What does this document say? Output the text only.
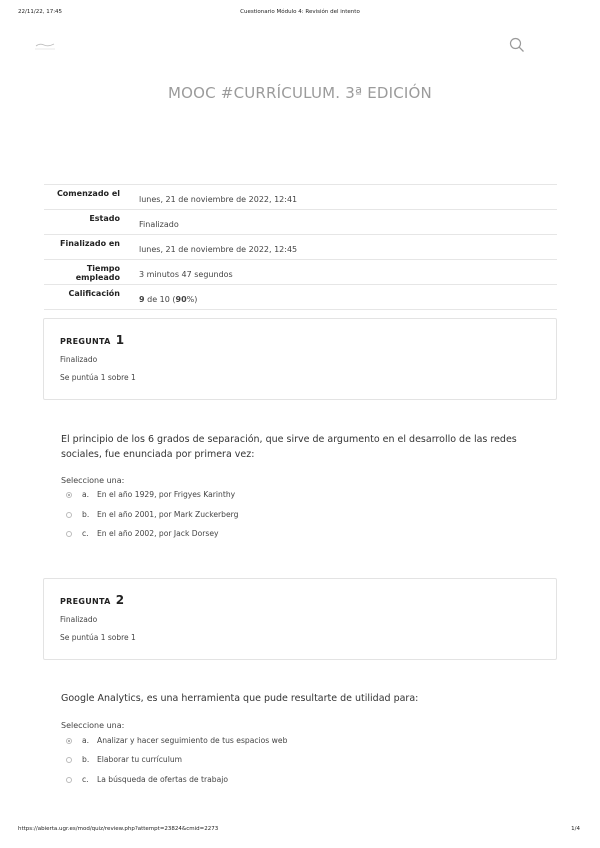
22/11/22, 17:45	Cuestionario Módulo 4: Revisión del intento
MOOC #CURRÍCULUM. 3ª EDICIÓN
Comenzado el
lunes, 21 de noviembre de 2022, 12:41
Estado
Finalizado
Finalizado en
lunes, 21 de noviembre de 2022, 12:45
Tiempo empleado 3 minutos 47 segundos
Calificación
9 de 10 (90%)
PREGUNTA 1
Finalizado
Se puntúa 1 sobre 1
El principio de los 6 grados de separación, que sirve de argumento en el desarrollo de las redes sociales, fue enunciada por primera vez:
Seleccione una:
a.	En el año 1929, por Frigyes Karinthy
b.	En el año 2001, por Mark Zuckerberg
c.	En el año 2002, por Jack Dorsey
PREGUNTA 2
Finalizado
Se puntúa 1 sobre 1
Google Analytics, es una herramienta que pude resultarte de utilidad para:
Seleccione una:
a.	Analizar y hacer seguimiento de tus espacios web
b.	Elaborar tu currículum
c.	La búsqueda de ofertas de trabajo
https://abierta.ugr.es/mod/quiz/review.php?attempt=23824&cmid=2273	1/4
